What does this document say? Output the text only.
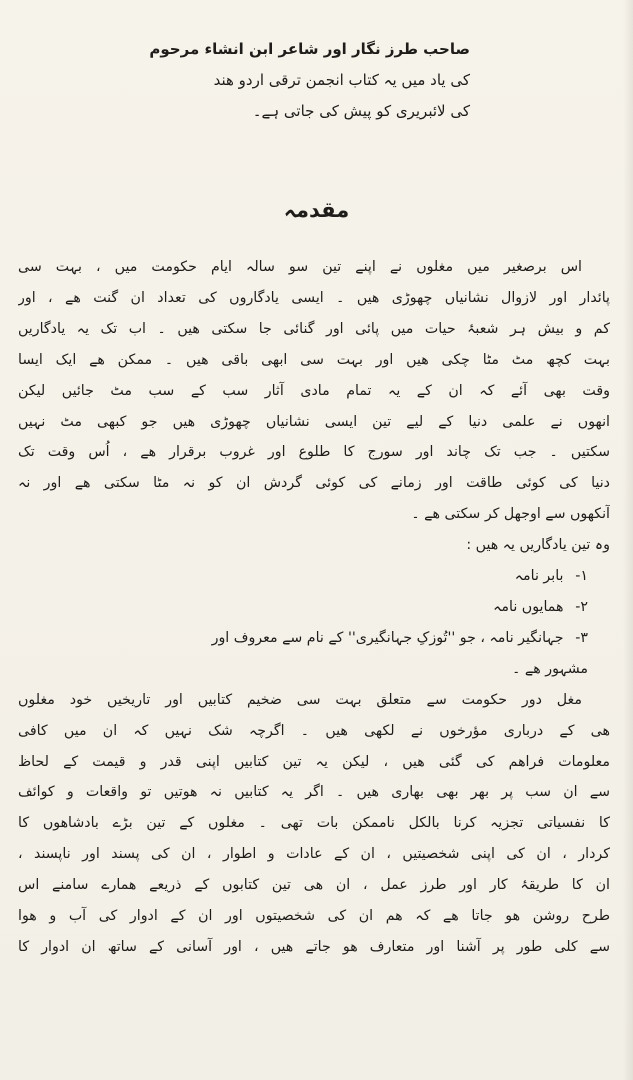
صاحب طرز نگار اور شاعر ابن انشاء مرحوم
کی یاد میں یہ کتاب انجمن ترقی اردو هند
کی لائبریری کو پیش کی جاتی ہے۔
مقدمہ
اس برصغیر میں مغلوں نے اپنے تین سو سالہ ایام حکومت میں ، بہت سی
پائدار اور لازوال نشانیاں چھوڑی ھیں ۔ ایسی یادگاروں کی تعداد ان گنت ھے ، اور
کم و بیش ہر شعبۂ حیات میں پائی اور گنائی جا سکتی ھیں ۔ اب تک یہ یادگاریں
بہت کچھ مٹ مٹا چکی ھیں اور بہت سی ابھی باقی ھیں ۔ ممکن ھے ایک ایسا
وقت بھی آئے کہ ان کے یہ تمام مادی آثار سب کے سب مٹ جائیں لیکن
انھوں نے علمی دنیا کے لیے تین ایسی نشانیاں چھوڑی ھیں جو کبھی مٹ نہیں
سکتیں ۔ جب تک چاند اور سورج کا طلوع اور غروب برقرار ھے ، اُس وقت تک
دنیا کی کوئی طاقت اور زمانے کی کوئی گردش ان کو نہ مٹا سکتی ھے اور نہ
آنکھوں سے اوجھل کر سکتی ھے ۔
وہ تین یادگاریں یہ ھیں :
۱- بابر نامہ
۲- ھمایوں نامہ
۳- جہانگیر نامہ ، جو ''تُوزکِ جہانگیری'' کے نام سے معروف اور
مشہور ھے ۔
مغل دور حکومت سے متعلق بہت سی ضخیم کتابیں اور تاریخیں خود مغلوں
ھی کے درباری مؤرخوں نے لکھی ھیں ۔ اگرچہ شک نہیں کہ ان میں کافی
معلومات فراھم کی گئی ھیں ، لیکن یہ تین کتابیں اپنی قدر و قیمت کے لحاظ
سے ان سب پر بھر بھی بھاری ھیں ۔ اگر یہ کتابیں نہ ھوتیں تو واقعات و کوائف
کا نفسیاتی تجزیہ کرنا بالکل ناممکن بات تھی ۔ مغلوں کے تین بڑے بادشاھوں کا
کردار ، ان کی اپنی شخصیتیں ، ان کے عادات و اطوار ، ان کی پسند اور ناپسند ،
ان کا طریقۂ کار اور طرز عمل ، ان ھی تین کتابوں کے ذریعے ھمارے سامنے اس
طرح روشن ھو جاتا ھے کہ ھم ان کی شخصیتوں اور ان کے ادوار کی آب و ھوا
سے کلی طور پر آشنا اور متعارف ھو جاتے ھیں ، اور آسانی کے ساتھ ان ادوار کا
